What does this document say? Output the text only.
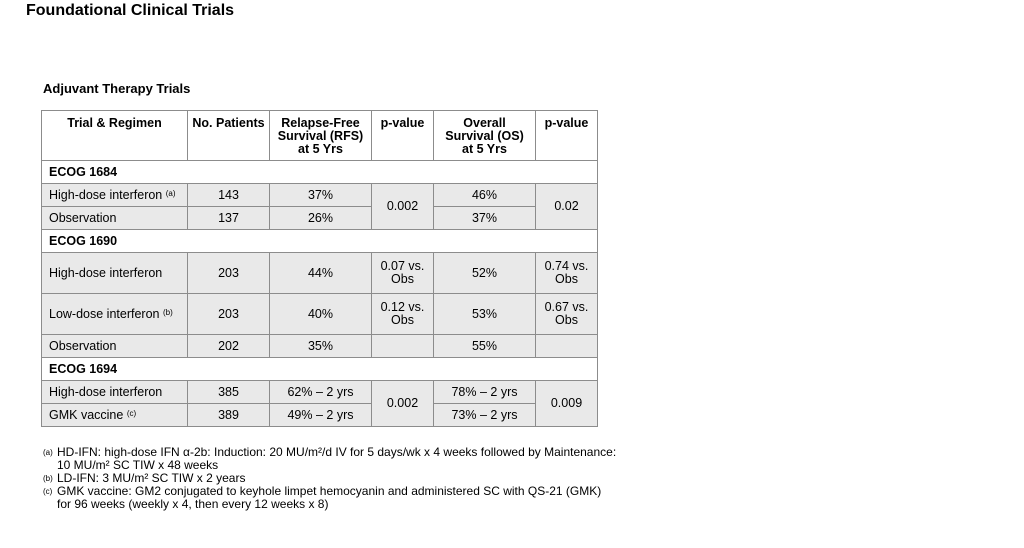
Foundational Clinical Trials
Adjuvant Therapy Trials
Trial & Regimen	No. Patients	Relapse-Free Survival (RFS) at 5 Yrs	p-value	Overall Survival (OS) at 5 Yrs	p-value
ECOG 1684					
High-dose interferon $^{(a)}$	143	37%	0.002	46%	0.02
Observation	137	26%		37%	
ECOG 1690					
High-dose interferon	203	44%	0.07 vs. Obs	52%	0.74 vs. Obs
Low-dose interferon $^{(b)}$	203	40%	0.12 vs. Obs	53%	0.67 vs. Obs
Observation	202	35%		55%	
ECOG 1694					
High-dose interferon	385	62% – 2 yrs	0.002	78% – 2 yrs	0.009
GMK vaccine $^{(c)}$	389	49% – 2 yrs		73% – 2 yrs	
(a) HD-IFN: high-dose IFN α-2b: Induction: 20 MU/m²/d IV for 5 days/wk x 4 weeks followed by Maintenance: 10 MU/m² SC TIW x 48 weeks
(b) LD-IFN: 3 MU/m² SC TIW x 2 years
(c) GMK vaccine: GM2 conjugated to keyhole limpet hemocyanin and administered SC with QS-21 (GMK) for 96 weeks (weekly x 4, then every 12 weeks x 8)
